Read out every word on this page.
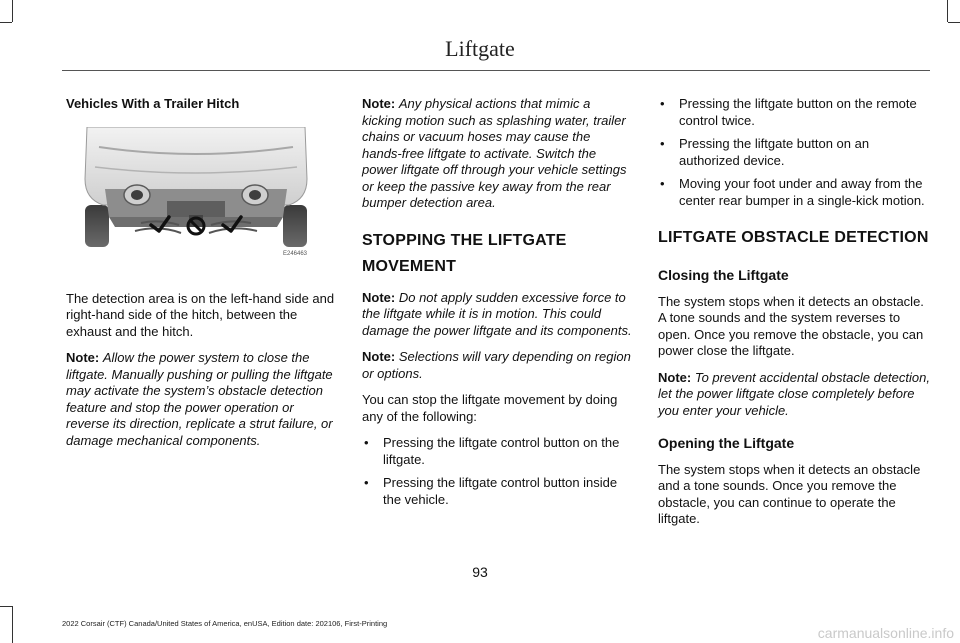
Liftgate

Vehicles With a Trailer Hitch

E246463

The detection area is on the left-hand side and right-hand side of the hitch, between the exhaust and the hitch.

Note: Allow the power system to close the liftgate. Manually pushing or pulling the liftgate may activate the system’s obstacle detection feature and stop the power operation or reverse its direction, replicate a strut failure, or damage mechanical components.

Note: Any physical actions that mimic a kicking motion such as splashing water, trailer chains or vacuum hoses may cause the hands-free liftgate to activate. Switch the power liftgate off through your vehicle settings or keep the passive key away from the rear bumper detection area.

STOPPING THE LIFTGATE MOVEMENT

Note: Do not apply sudden excessive force to the liftgate while it is in motion. This could damage the power liftgate and its components.

Note: Selections will vary depending on region or options.

You can stop the liftgate movement by doing any of the following:

• Pressing the liftgate control button on the liftgate.
• Pressing the liftgate control button inside the vehicle.
• Pressing the liftgate button on the remote control twice.
• Pressing the liftgate button on an authorized device.
• Moving your foot under and away from the center rear bumper in a single-kick motion.
LIFTGATE OBSTACLE DETECTION
Closing the Liftgate

The system stops when it detects an obstacle. A tone sounds and the system reverses to open. Once you remove the obstacle, you can power close the liftgate.

Note: To prevent accidental obstacle detection, let the power liftgate close completely before you enter your vehicle.

Opening the Liftgate

The system stops when it detects an obstacle and a tone sounds. Once you remove the obstacle, you can continue to operate the liftgate.

93
2022 Corsair (CTF) Canada/United States of America, enUSA, Edition date: 202106, First-Printing
carmanualsonline.info
